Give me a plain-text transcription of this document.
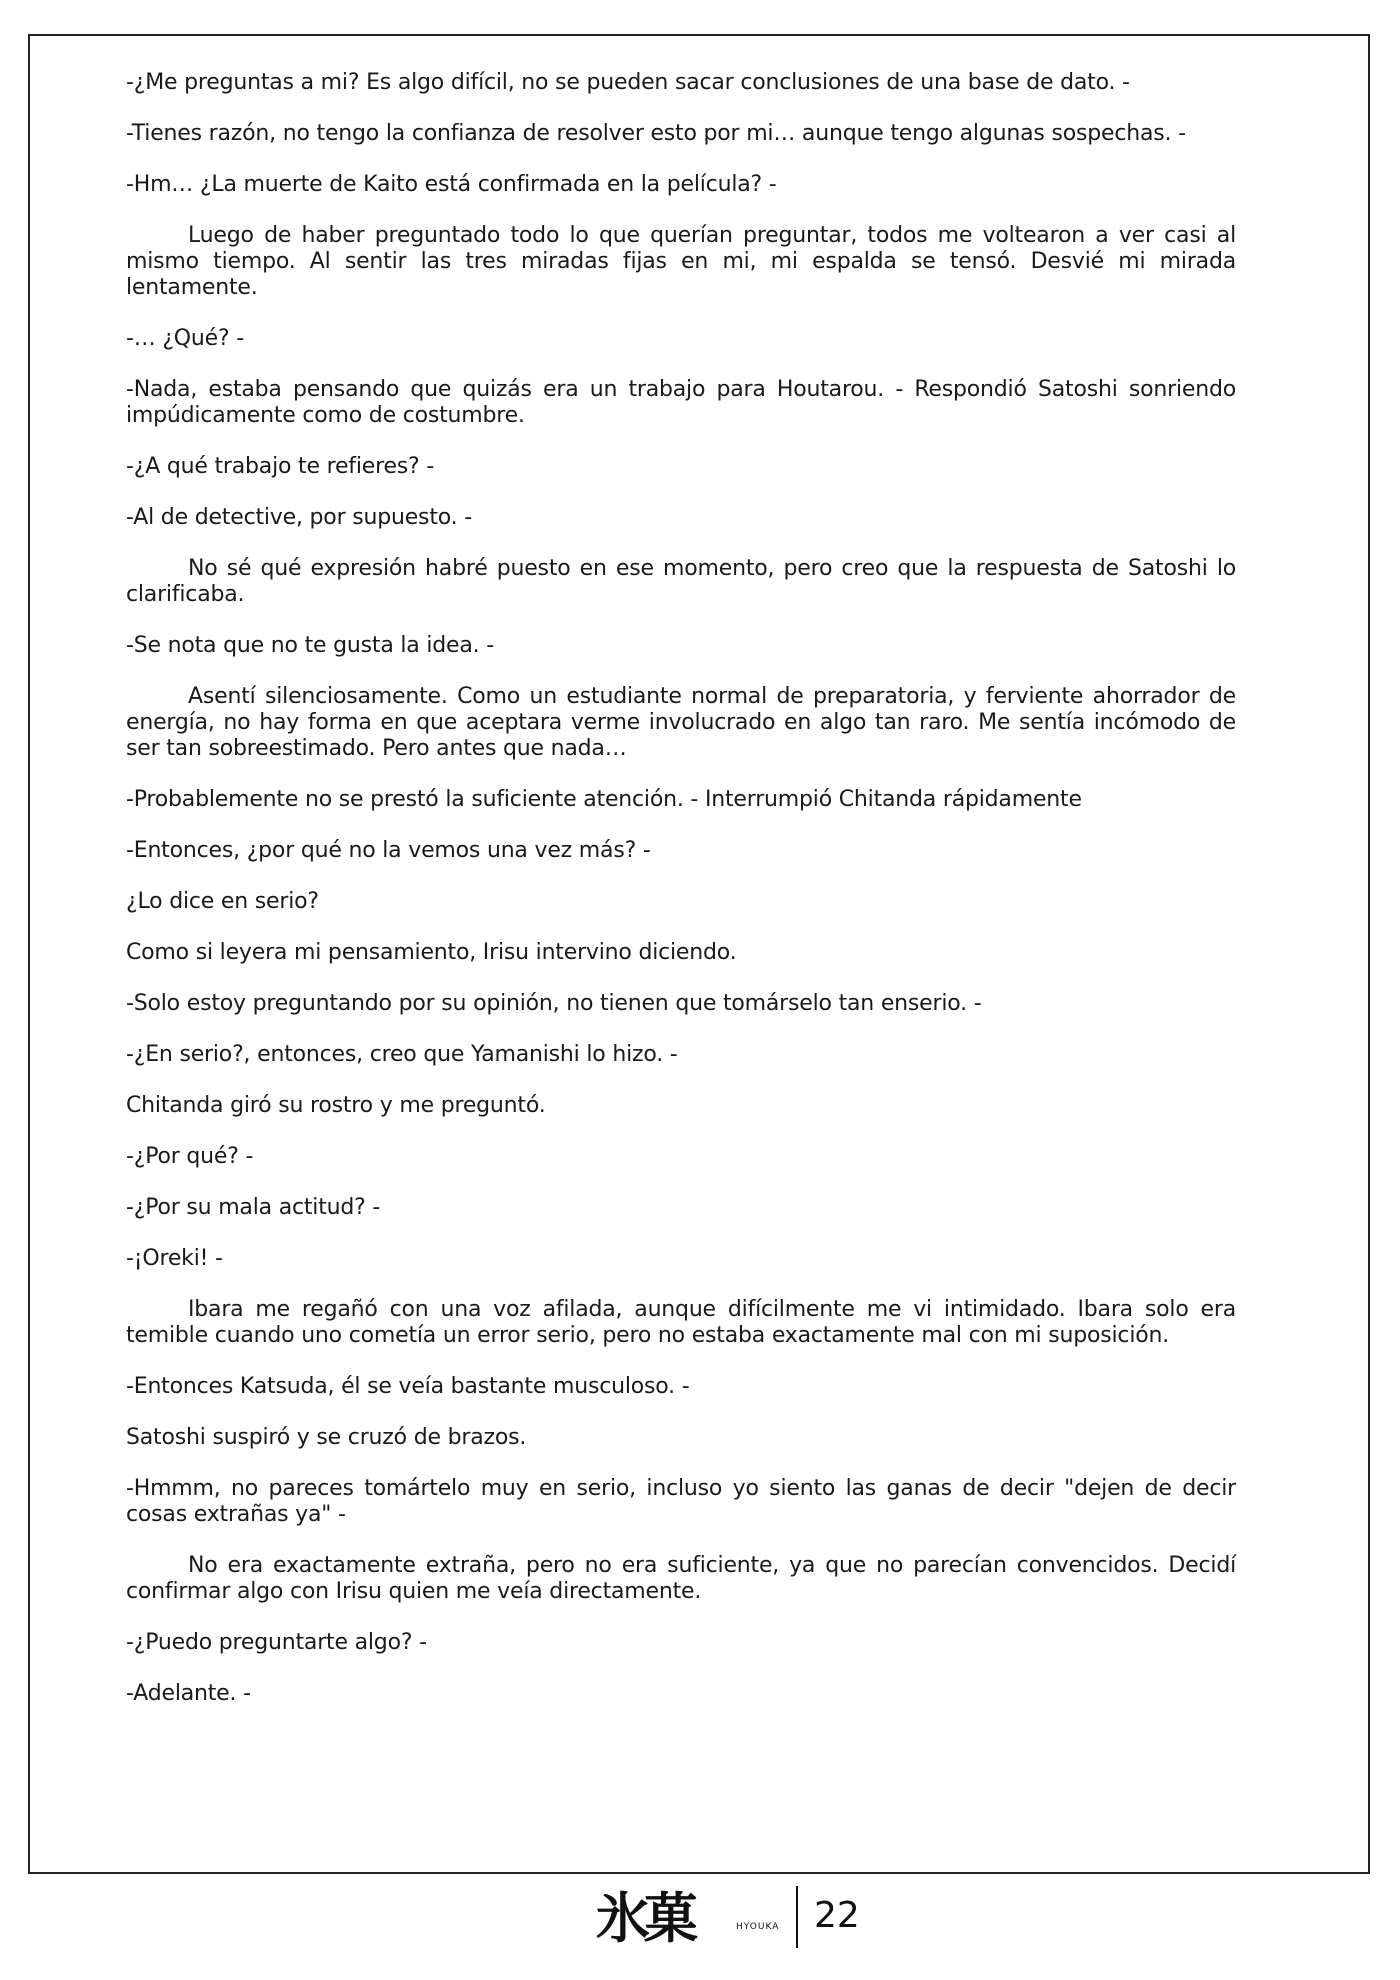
-¿Me preguntas a mi? Es algo difícil, no se pueden sacar conclusiones de una base de dato. -

-Tienes razón, no tengo la confianza de resolver esto por mi… aunque tengo algunas sospechas. -

-Hm… ¿La muerte de Kaito está confirmada en la película? -

Luego de haber preguntado todo lo que querían preguntar, todos me voltearon a ver casi al mismo tiempo. Al sentir las tres miradas fijas en mi, mi espalda se tensó. Desvié mi mirada lentamente.

-… ¿Qué? -

-Nada, estaba pensando que quizás era un trabajo para Houtarou. - Respondió Satoshi sonriendo impúdicamente como de costumbre.

-¿A qué trabajo te refieres? -

-Al de detective, por supuesto. -

No sé qué expresión habré puesto en ese momento, pero creo que la respuesta de Satoshi lo clarificaba.

-Se nota que no te gusta la idea. -

Asentí silenciosamente. Como un estudiante normal de preparatoria, y ferviente ahorrador de energía, no hay forma en que aceptara verme involucrado en algo tan raro. Me sentía incómodo de ser tan sobreestimado. Pero antes que nada…

-Probablemente no se prestó la suficiente atención. - Interrumpió Chitanda rápidamente

-Entonces, ¿por qué no la vemos una vez más? -

¿Lo dice en serio?

Como si leyera mi pensamiento, Irisu intervino diciendo.

-Solo estoy preguntando por su opinión, no tienen que tomárselo tan enserio. -

-¿En serio?, entonces, creo que Yamanishi lo hizo. -

Chitanda giró su rostro y me preguntó.

-¿Por qué? -

-¿Por su mala actitud? -

-¡Oreki! -

Ibara me regañó con una voz afilada, aunque difícilmente me vi intimidado. Ibara solo era temible cuando uno cometía un error serio, pero no estaba exactamente mal con mi suposición.

-Entonces Katsuda, él se veía bastante musculoso. -

Satoshi suspiró y se cruzó de brazos.

-Hmmm, no pareces tomártelo muy en serio, incluso yo siento las ganas de decir "dejen de decir cosas extrañas ya" -

No era exactamente extraña, pero no era suficiente, ya que no parecían convencidos. Decidí confirmar algo con Irisu quien me veía directamente.

-¿Puedo preguntarte algo? -

-Adelante. -

氷菓	HYOUKA 22
